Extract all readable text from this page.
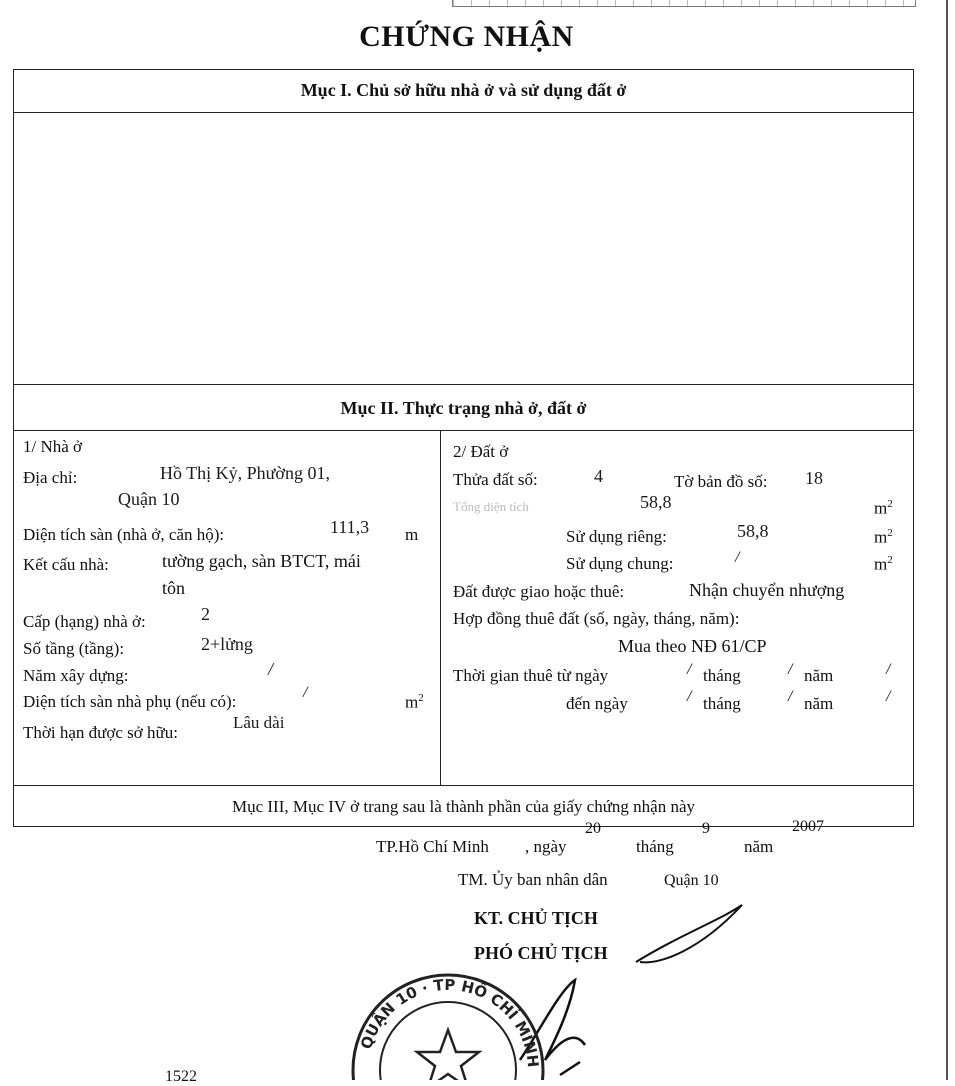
CHỨNG NHẬN
Mục I. Chủ sở hữu nhà ở và sử dụng đất ở
Mục II. Thực trạng nhà ở, đất ở
1/ Nhà ở
Địa chỉ:	Hồ Thị Kỷ, Phường 01,
Quận 10
Diện tích sàn (nhà ở, căn hộ):	111,3 m
Kết cấu nhà:	tường gạch, sàn BTCT, mái
tôn
Cấp (hạng) nhà ở:	2
Số tầng (tầng):	2+lửng
Năm xây dựng:	/
Diện tích sàn nhà phụ (nếu có):	/
$m^2$
Thời hạn được sở hữu:
Lâu dài
2/ Đất ở
Thửa đất số:	4	Tờ bản đồ số: 18
Tổng diện tích	58,8	$m^2$
Sử dụng riêng:	58,8	$m^2$
Sử dụng chung:	/	$m^2$
Đất được giao hoặc thuê:	Nhận chuyển nhượng
Hợp đồng thuê đất (số, ngày, tháng, năm):
Mua theo NĐ 61/CP
Thời gian thuê từ ngày	/ tháng	/ năm	/
đến ngày	/ tháng	/ năm	/
Mục III, Mục IV ở trang sau là thành phần của giấy chứng nhận này
TP.Hồ Chí Minh , ngày
20
tháng
9
năm
2007
TM. Ủy ban nhân dân	Quận 10
KT. CHỦ TỊCH
PHÓ CHỦ TỊCH
1522
QUẬN 10 · TP HỒ CHÍ MINH
